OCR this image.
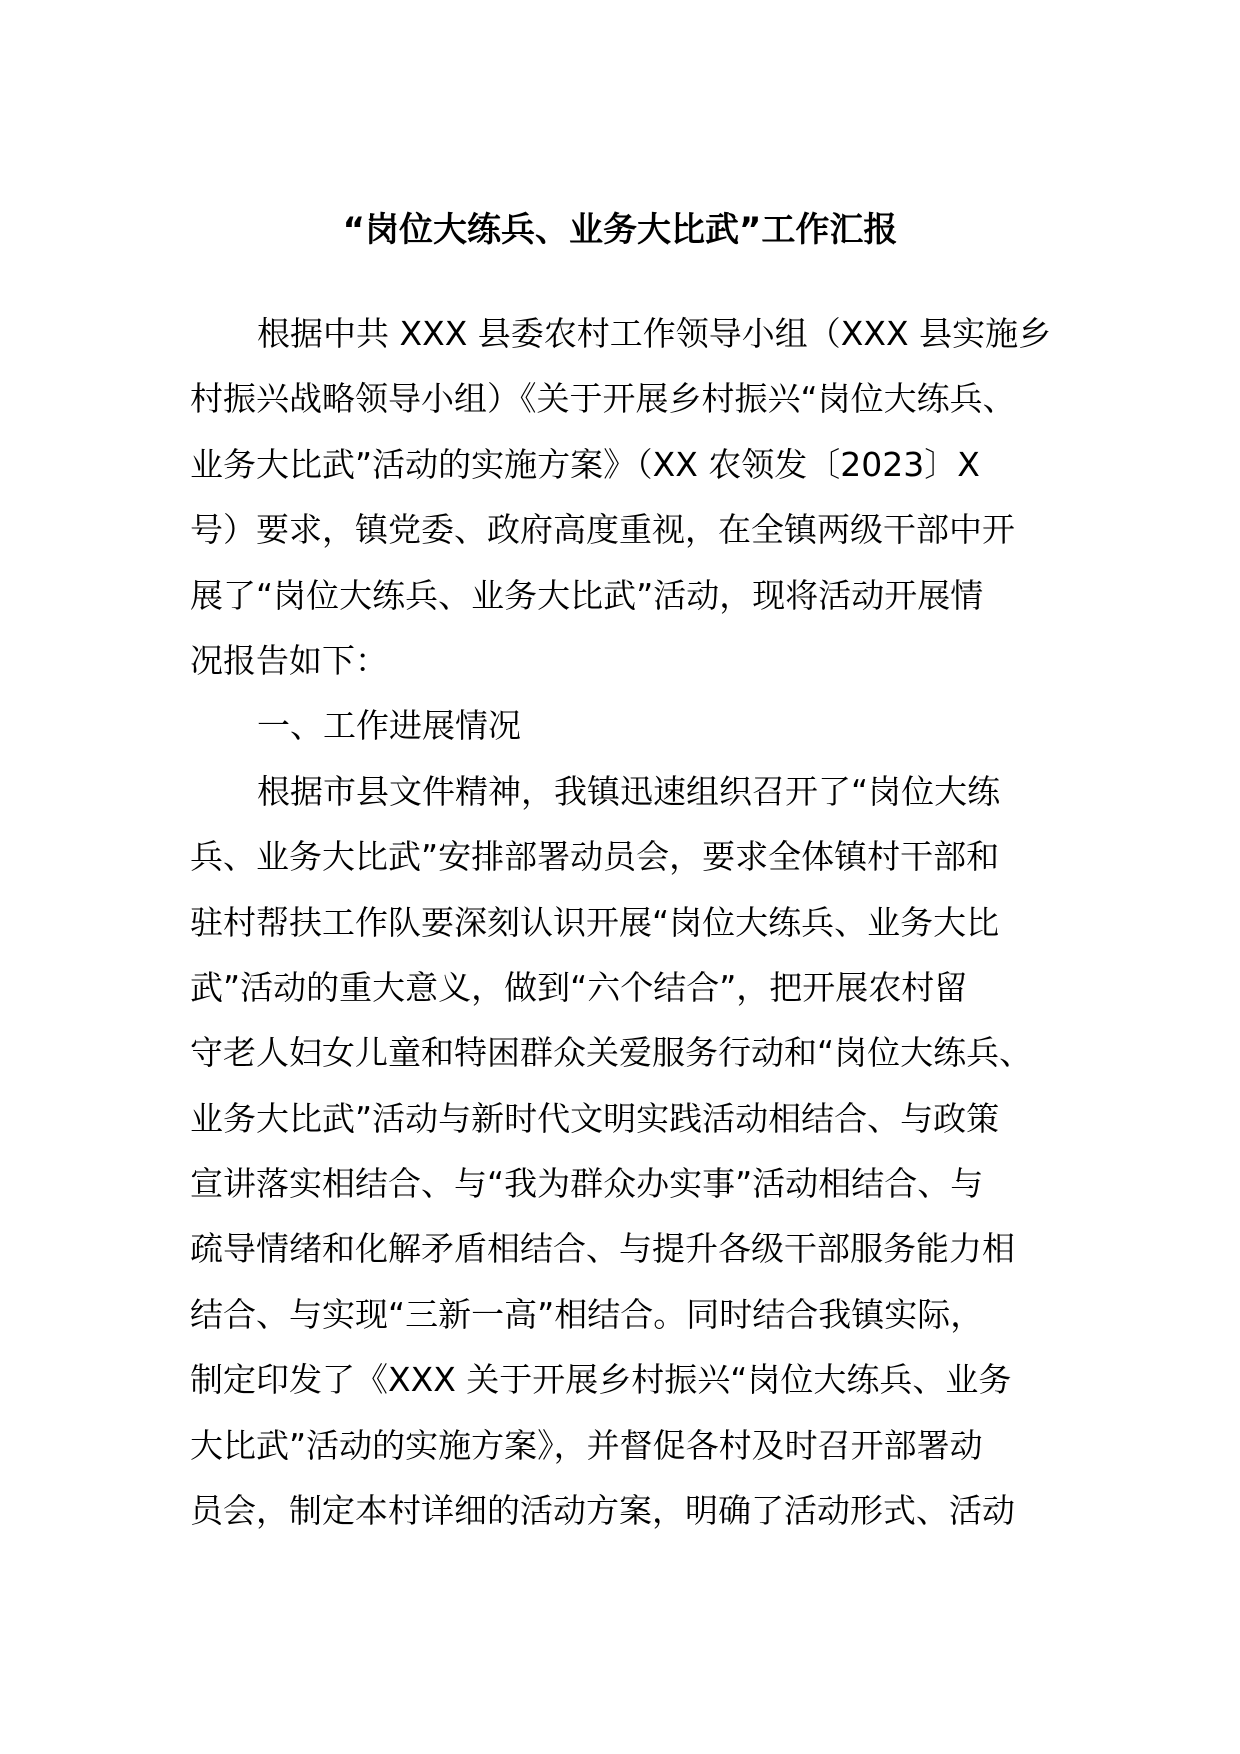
“岗位大练兵、业务大比武”工作汇报
根据中共 XXX 县委农村工作领导小组（XXX 县实施乡
村振兴战略领导小组）《关于开展乡村振兴“岗位大练兵、
业务大比武”活动的实施方案》（XX 农领发〔2023〕X
号）要求，镇党委、政府高度重视，在全镇两级干部中开
展了“岗位大练兵、业务大比武”活动，现将活动开展情
况报告如下：
一、工作进展情况
根据市县文件精神，我镇迅速组织召开了“岗位大练
兵、业务大比武”安排部署动员会，要求全体镇村干部和
驻村帮扶工作队要深刻认识开展“岗位大练兵、业务大比
武”活动的重大意义，做到“六个结合”，把开展农村留
守老人妇女儿童和特困群众关爱服务行动和“岗位大练兵、
业务大比武”活动与新时代文明实践活动相结合、与政策
宣讲落实相结合、与“我为群众办实事”活动相结合、与
疏导情绪和化解矛盾相结合、与提升各级干部服务能力相
结合、与实现“三新一高”相结合。同时结合我镇实际，
制定印发了《XXX 关于开展乡村振兴“岗位大练兵、业务
大比武”活动的实施方案》，并督促各村及时召开部署动
员会，制定本村详细的活动方案，明确了活动形式、活动
